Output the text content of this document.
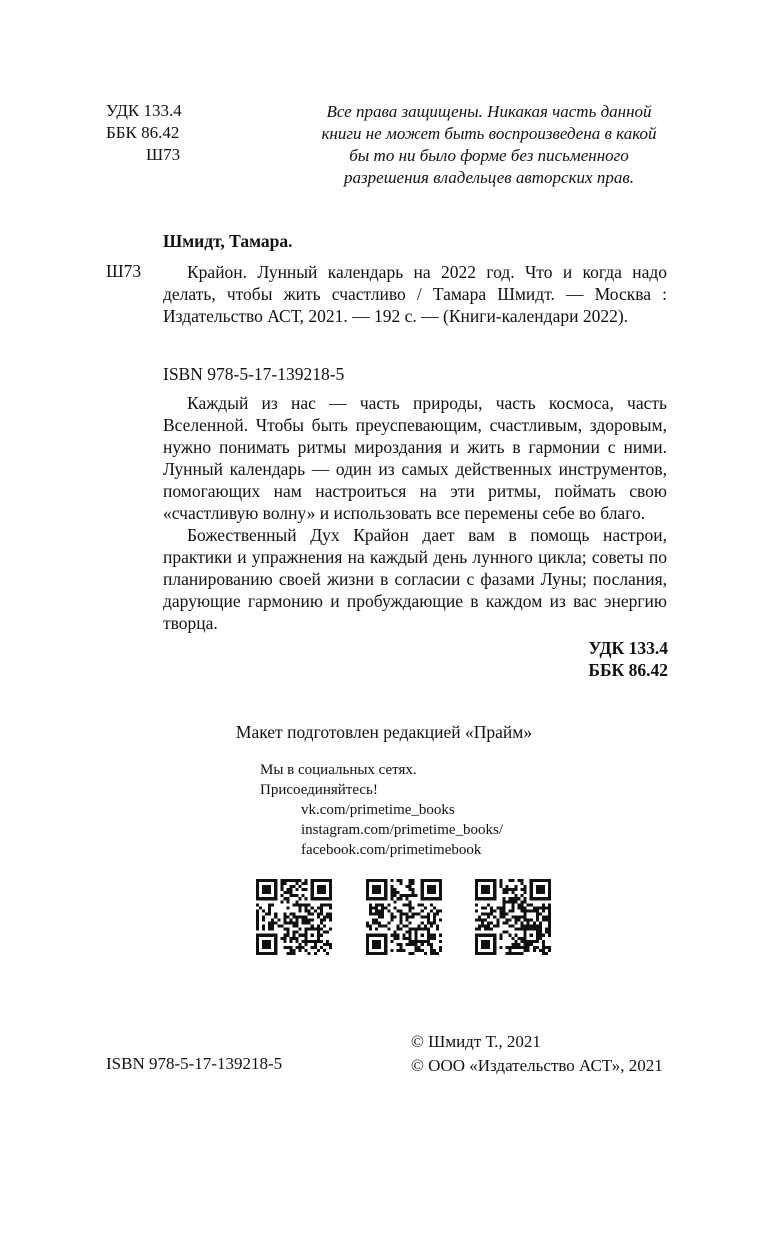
УДК 133.4
ББК 86.42
Ш73
Все права защищены. Никакая часть данной книги не может быть воспроизведена в какой бы то ни было форме без письменного разрешения владельцев авторских прав.
Шмидт, Тамара.
Ш73	Крайон. Лунный календарь на 2022 год. Что и когда надо делать, чтобы жить счастливо / Тамара Шмидт. — Москва : Издательство АСТ, 2021. — 192 с. — (Книги-календари 2022).
ISBN 978-5-17-139218-5

Каждый из нас — часть природы, часть космоса, часть Вселенной. Чтобы быть преуспевающим, счастливым, здоровым, нужно понимать ритмы мироздания и жить в гармонии с ними. Лунный календарь — один из самых действенных инструментов, помогающих нам настроиться на эти ритмы, поймать свою «счастливую волну» и использовать все перемены себе во благо.

Божественный Дух Крайон дает вам в помощь настрои, практики и упражнения на каждый день лунного цикла; советы по планированию своей жизни в согласии с фазами Луны; послания, дарующие гармонию и пробуждающие в каждом из вас энергию творца.

УДК 133.4
ББК 86.42
Макет подготовлен редакцией «Прайм»
Мы в социальных сетях.
Присоединяйтесь!
vk.com/primetime_books
instagram.com/primetime_books/
facebook.com/primetimebook
© Шмидт Т., 2021
© ООО «Издательство АСТ», 2021
ISBN 978-5-17-139218-5
